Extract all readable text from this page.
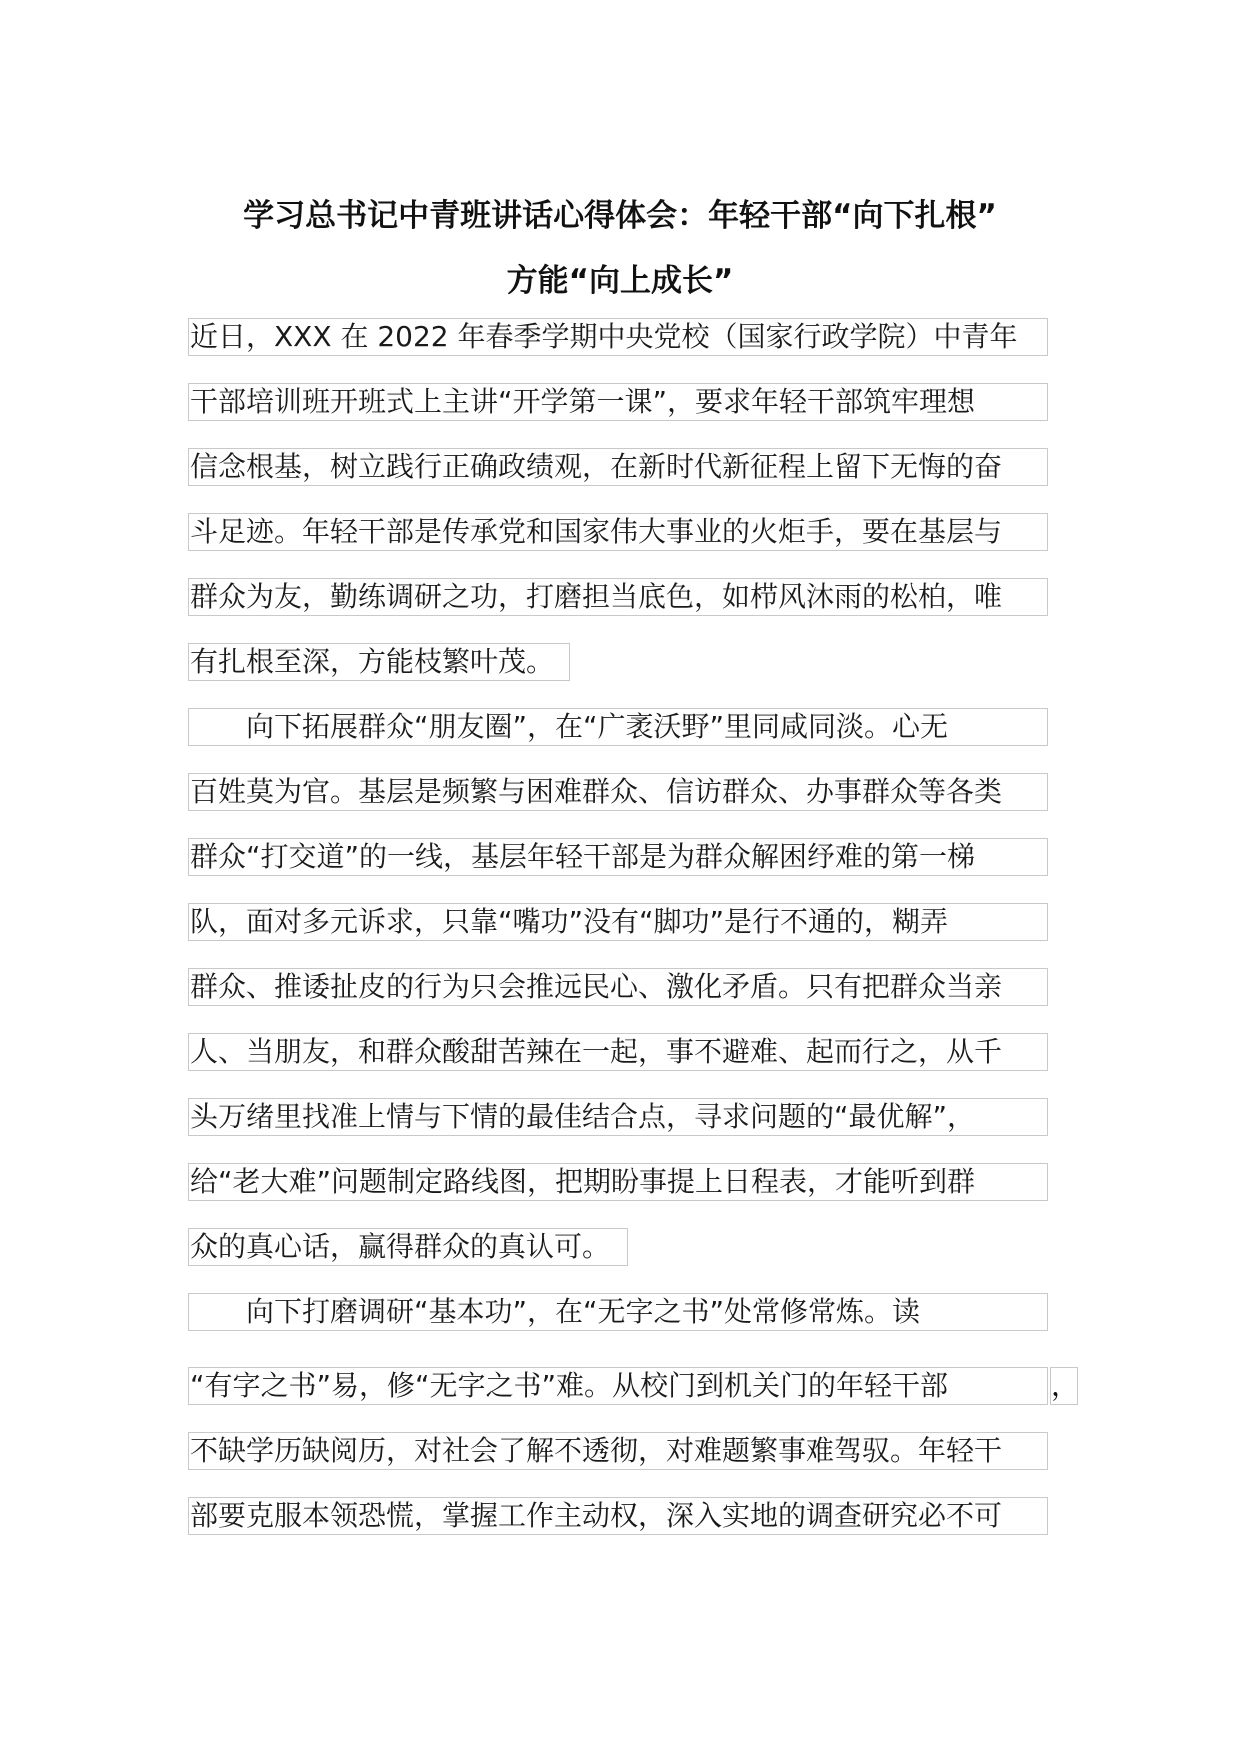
学习总书记中青班讲话心得体会：年轻干部“向下扎根”
方能“向上成长”
近日，XXX 在 2022 年春季学期中央党校（国家行政学院）中青年
干部培训班开班式上主讲“开学第一课”，要求年轻干部筑牢理想
信念根基，树立践行正确政绩观，在新时代新征程上留下无悔的奋
斗足迹。年轻干部是传承党和国家伟大事业的火炬手，要在基层与
群众为友，勤练调研之功，打磨担当底色，如栉风沐雨的松柏，唯
有扎根至深，方能枝繁叶茂。
　　向下拓展群众“朋友圈”，在“广袤沃野”里同咸同淡。心无
百姓莫为官。基层是频繁与困难群众、信访群众、办事群众等各类
群众“打交道”的一线，基层年轻干部是为群众解困纾难的第一梯
队，面对多元诉求，只靠“嘴功”没有“脚功”是行不通的，糊弄
群众、推诿扯皮的行为只会推远民心、激化矛盾。只有把群众当亲
人、当朋友，和群众酸甜苦辣在一起，事不避难、起而行之，从千
头万绪里找准上情与下情的最佳结合点，寻求问题的“最优解”，
给“老大难”问题制定路线图，把期盼事提上日程表，才能听到群
众的真心话，赢得群众的真认可。
　　向下打磨调研“基本功”，在“无字之书”处常修常炼。读
“有字之书”易，修“无字之书”难。从校门到机关门的年轻干部	，
不缺学历缺阅历，对社会了解不透彻，对难题繁事难驾驭。年轻干
部要克服本领恐慌，掌握工作主动权，深入实地的调查研究必不可
